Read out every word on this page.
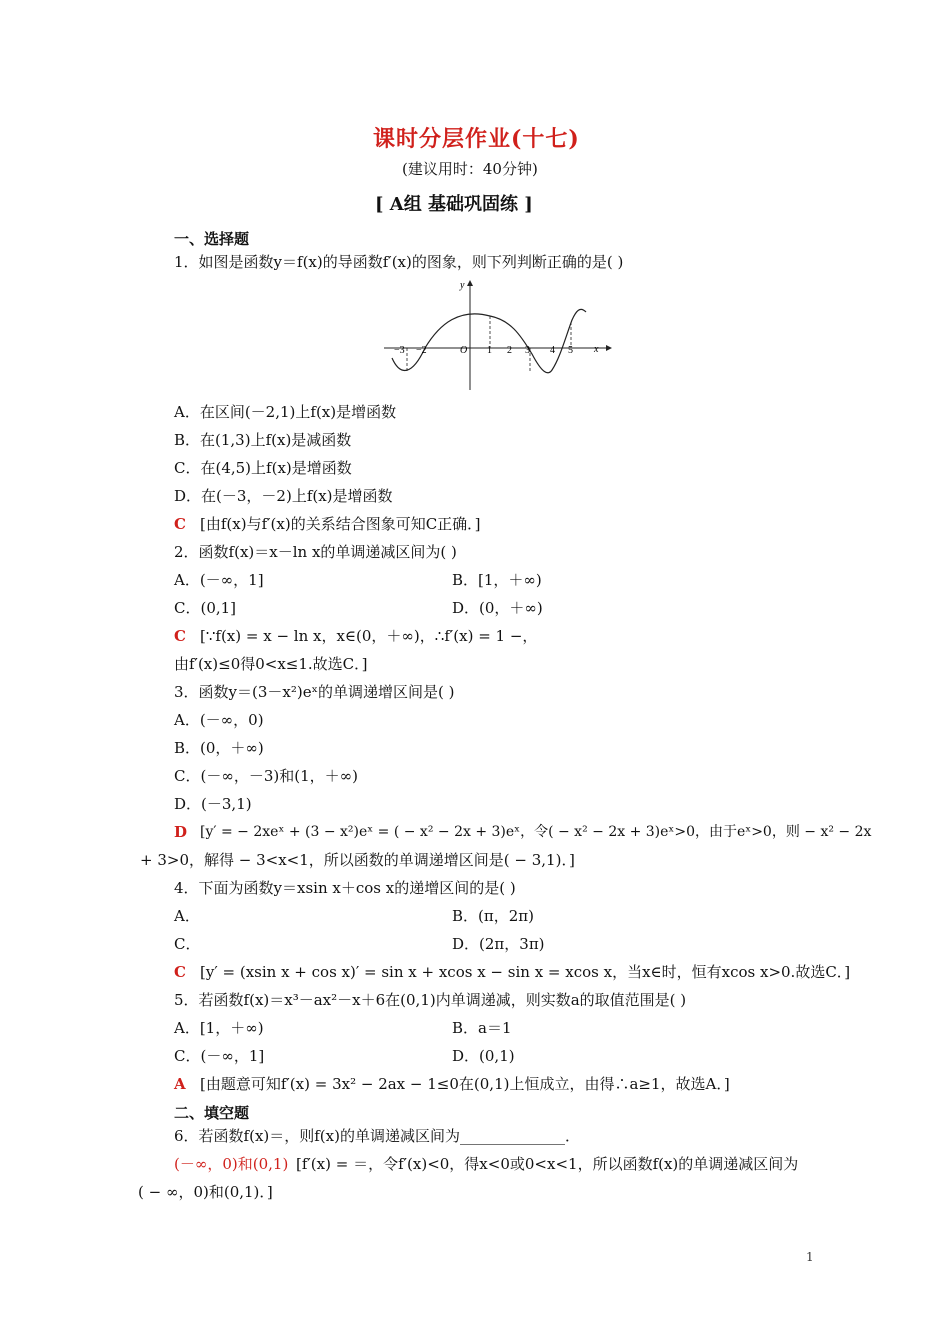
课时分层作业(十七)
(建议用时：40分钟)
[ A组 基础巩固练 ]
一、选择题
1．如图是函数y＝f(x)的导函数f′(x)的图象，则下列判断正确的是( )
y
x
−3 −2	O 1 2 3 4 5
A．在区间(－2,1)上f(x)是增函数
B．在(1,3)上f(x)是减函数
C．在(4,5)上f(x)是增函数
D．在(－3，－2)上f(x)是增函数
C [由f(x)与f′(x)的关系结合图象可知C正确．]
2．函数f(x)＝x－ln x的单调递减区间为( )
A．(－∞，1]	B．[1，＋∞)
C．(0,1]	D．(0，＋∞)
C [∵f(x) = x − ln x，x∈(0，＋∞)，∴f′(x) = 1 −，
由f′(x)≤0得0<x≤1.故选C．]
3．函数y＝(3－x²)eˣ的单调递增区间是( )
A．(－∞，0)
B．(0，＋∞)
C．(－∞，－3)和(1，＋∞)
D．(－3,1)
D [y′ = − 2xeˣ + (3 − x²)eˣ = ( − x² − 2x + 3)eˣ，令( − x² − 2x + 3)eˣ>0，由于eˣ>0，则 − x² − 2x
+ 3>0，解得 − 3<x<1，所以函数的单调递增区间是( − 3,1)．]
4．下面为函数y＝xsin x＋cos x的递增区间的是( )
A．	B．(π，2π)
C．	D．(2π，3π)
C [y′ = (xsin x + cos x)′ = sin x + xcos x − sin x = xcos x，当x∈时，恒有xcos x>0.故选C．]
5．若函数f(x)＝x³－ax²－x＋6在(0,1)内单调递减，则实数a的取值范围是( )
A．[1，＋∞)	B．a＝1
C．(－∞，1]	D．(0,1)
A [由题意可知f′(x) = 3x² − 2ax − 1≤0在(0,1)上恒成立，由得∴a≥1，故选A．]
二、填空题
6．若函数f(x)＝，则f(x)的单调递减区间为______________．
(－∞，0)和(0,1) [f′(x) = ＝，令f′(x)<0，得x<0或0<x<1，所以函数f(x)的单调递减区间为
( − ∞，0)和(0,1)．]
1
